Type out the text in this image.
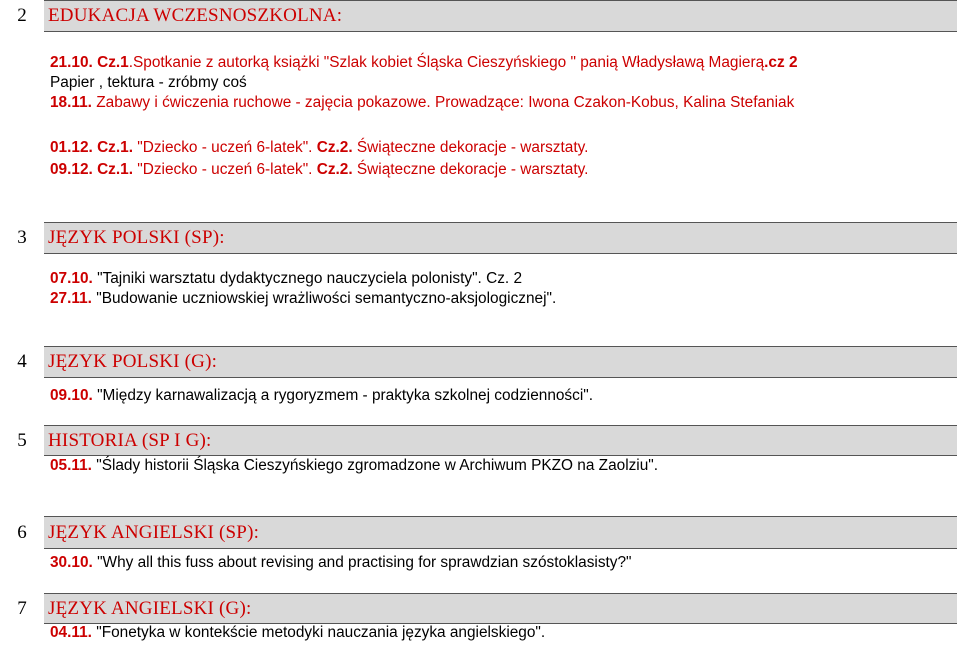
2	EDUKACJA WCZESNOSZKOLNA:
21.10. Cz.1.Spotkanie z autorką książki "Szlak kobiet Śląska Cieszyńskiego " panią Władysławą Magierą.cz 2
Papier , tektura - zróbmy coś
18.11. Zabawy i ćwiczenia ruchowe - zajęcia pokazowe. Prowadzące: Iwona Czakon-Kobus, Kalina Stefaniak
01.12. Cz.1. "Dziecko - uczeń 6-latek". Cz.2. Świąteczne dekoracje - warsztaty.
09.12. Cz.1. "Dziecko - uczeń 6-latek". Cz.2. Świąteczne dekoracje - warsztaty.
3	JĘZYK POLSKI (SP):
07.10. "Tajniki warsztatu dydaktycznego nauczyciela polonisty". Cz. 2
27.11. "Budowanie uczniowskiej wrażliwości semantyczno-aksjologicznej".
4	JĘZYK POLSKI (G):
09.10. "Między karnawalizacją a rygoryzmem - praktyka szkolnej codzienności".
5	HISTORIA (SP I G):
05.11. "Ślady historii Śląska Cieszyńskiego zgromadzone w Archiwum PKZO na Zaolziu".
6	JĘZYK ANGIELSKI (SP):
30.10. "Why all this fuss about revising and practising for sprawdzian szóstoklasisty?"
7	JĘZYK ANGIELSKI (G):
04.11. "Fonetyka w kontekście metodyki nauczania języka angielskiego".
